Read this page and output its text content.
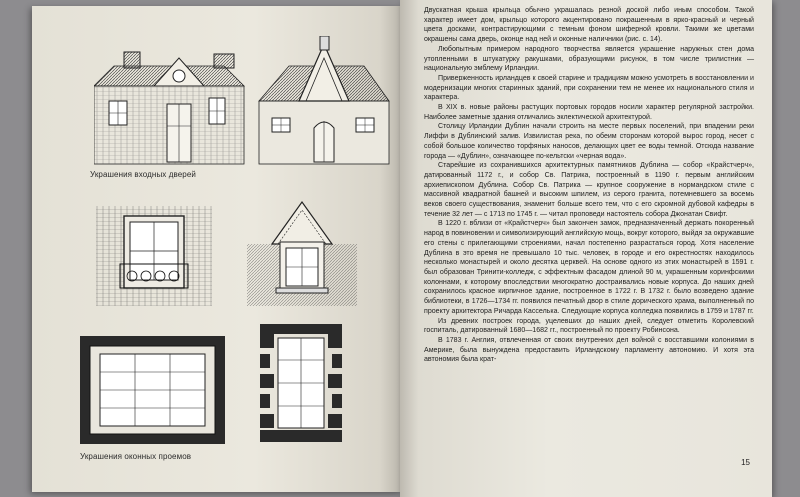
Украшения входных дверей
Украшения оконных проемов

Двускатная крыша крыльца обычно украшалась резной доской либо иным способом. Такой характер имеет дом, крыльцо которого акцентировано покрашенным в ярко-красный и черный цвета досками, контрастирующими с темным фоном шиферной кровли. Такими же цветами окрашены сама дверь, оконце над ней и оконные наличники (рис. с. 14).

Любопытным примером народного творчества является украшение наружных стен дома утопленными в штукатурку ракушками, образующими рисунок, в том числе трилистник — национальную эмблему Ирландии.

Приверженность ирландцев к своей старине и традициям можно усмотреть в восстановлении и модернизации многих старинных зданий, при сохранении тем не менее их национального стиля и характера.

В XIX в. новые районы растущих портовых городов носили характер регулярной застройки. Наиболее заметные здания отличались эклектической архитектурой.

Столицу Ирландии Дублин начали строить на месте первых поселений, при впадении реки Лиффи в Дублинский залив. Извилистая река, по обеим сторонам которой вырос город, несет с собой большое количество торфяных наносов, делающих цвет ее воды темной. Отсюда название города — «Дублин», означающее по-кельтски «черная вода».

Старейшие из сохранившихся архитектурных памятников Дублина — собор «Крайстчерч», датированный 1172 г., и собор Св. Патрика, построенный в 1190 г. первым английским архиепископом Дублина. Собор Св. Патрика — крупное сооружение в нормандском стиле с массивной квадратной башней и высоким шпилем, из серого гранита, потемневшего за восемь веков своего существования, знаменит больше всего тем, что с его скромной дубовой кафедры в течение 32 лет — с 1713 по 1745 г. — читал проповеди настоятель собора Джонатан Свифт.

В 1220 г. вблизи от «Крайстчерч» был закончен замок, предназначенный держать покоренный народ в повиновении и символизирующий английскую мощь, вокруг которого, выйдя за окружавшие его стены с прилегающими строениями, начал постепенно разрастаться город. Хотя население Дублина в это время не превышало 10 тыс. человек, в городе и его окрестностях находилось несколько монастырей и около десятка церквей. На основе одного из этих монастырей в 1591 г. был образован Тринити-колледж, с эффектным фасадом длиной 90 м, украшенным коринфскими колоннами, к которому впоследствии многократно достраивались новые корпуса. До наших дней сохранилось красное кирпичное здание, построенное в 1722 г. В 1732 г. было возведено здание библиотеки, в 1726—1734 гг. появился печатный двор в стиле дорического храма, выполненный по проекту архитектора Ричарда Касселька. Следующие корпуса колледжа появились в 1759 и 1787 гг.

Из древних построек города, уцелевших до наших дней, следует отметить Королевский госпиталь, датированный 1680—1682 гг., построенный по проекту Робинсона.

В 1783 г. Англия, отвлеченная от своих внутренних дел войной с восставшими колониями в Америке, была вынуждена предоставить Ирландскому парламенту автономию. И хотя эта автономия была крат-

15
